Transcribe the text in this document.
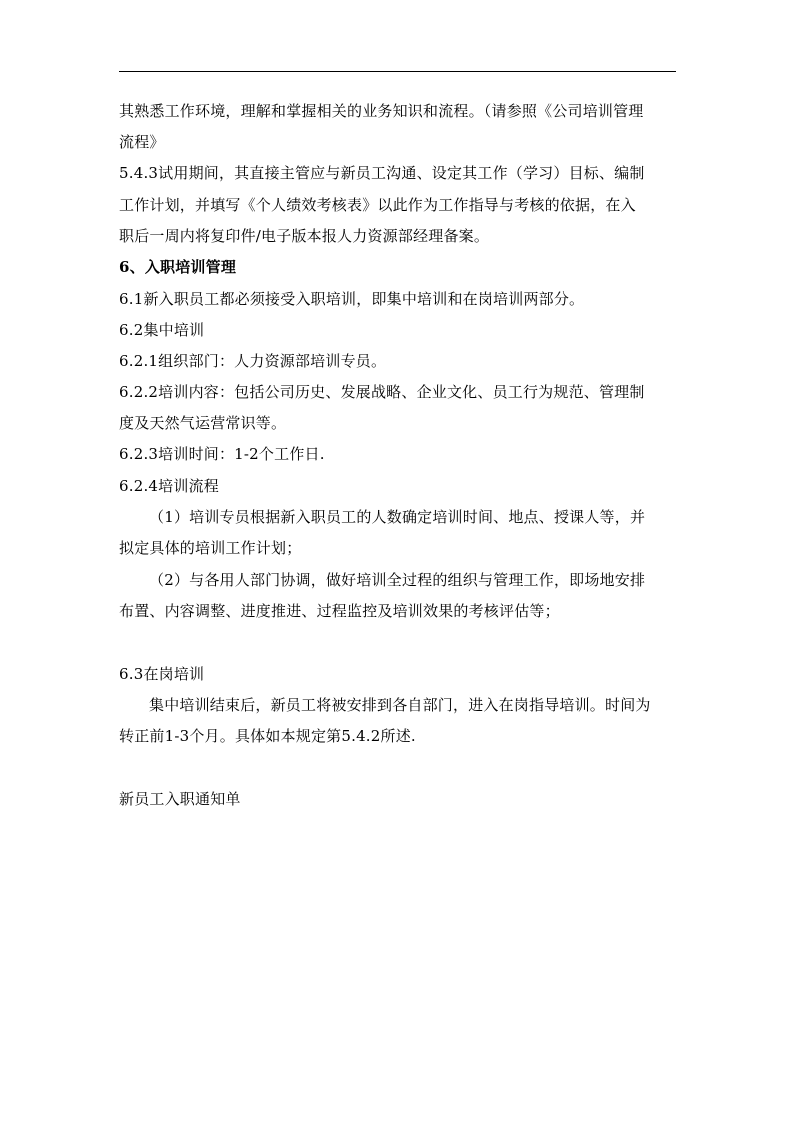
其熟悉工作环境，理解和掌握相关的业务知识和流程。（请参照《公司培训管理
流程》
5.4.3试用期间，其直接主管应与新员工沟通、设定其工作（学习）目标、编制
工作计划，并填写《个人绩效考核表》以此作为工作指导与考核的依据，在入
职后一周内将复印件/电子版本报人力资源部经理备案。
6、入职培训管理
6.1新入职员工都必须接受入职培训，即集中培训和在岗培训两部分。
6.2集中培训
6.2.1组织部门：人力资源部培训专员。
6.2.2培训内容：包括公司历史、发展战略、企业文化、员工行为规范、管理制
度及天然气运营常识等。
6.2.3培训时间：1-2个工作日.
6.2.4培训流程
（1）培训专员根据新入职员工的人数确定培训时间、地点、授课人等，并
拟定具体的培训工作计划；
（2）与各用人部门协调，做好培训全过程的组织与管理工作，即场地安排
布置、内容调整、进度推进、过程监控及培训效果的考核评估等；
6.3在岗培训
集中培训结束后，新员工将被安排到各自部门，进入在岗指导培训。时间为
转正前1-3个月。具体如本规定第5.4.2所述.
新员工入职通知单
